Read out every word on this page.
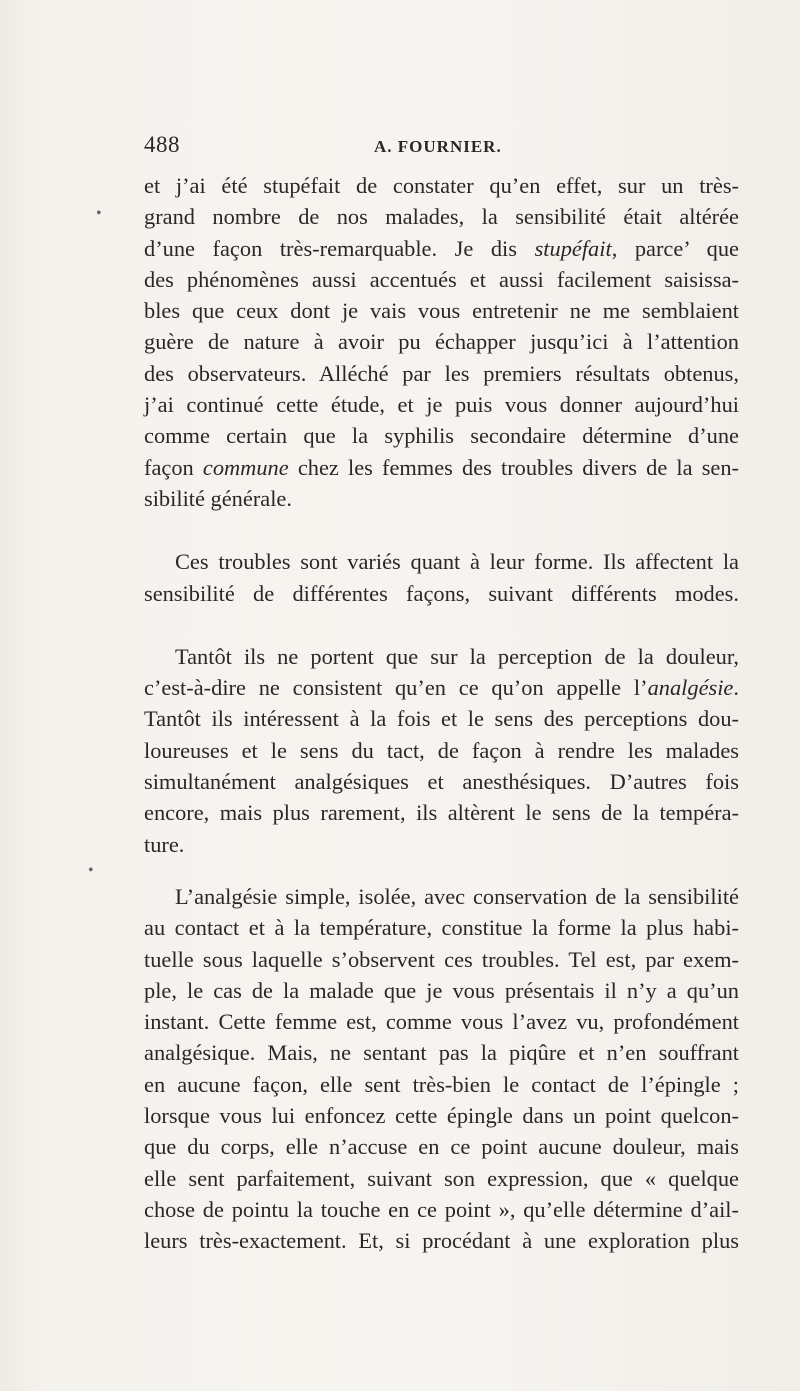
•
•
488	A. FOURNIER.
et j’ai été stupéfait de constater qu’en effet, sur un très-
grand nombre de nos malades, la sensibilité était altérée
d’une façon très-remarquable. Je dis stupéfait, parce’ que
des phénomènes aussi accentués et aussi facilement saisissa-
bles que ceux dont je vais vous entretenir ne me semblaient
guère de nature à avoir pu échapper jusqu’ici à l’attention
des observateurs. Alléché par les premiers résultats obtenus,
j’ai continué cette étude, et je puis vous donner aujourd’hui
comme certain que la syphilis secondaire détermine d’une
façon commune chez les femmes des troubles divers de la sen-
sibilité générale.
Ces troubles sont variés quant à leur forme. Ils affectent la
sensibilité de différentes façons, suivant différents modes.
Tantôt ils ne portent que sur la perception de la douleur,
c’est-à-dire ne consistent qu’en ce qu’on appelle l’analgésie.
Tantôt ils intéressent à la fois et le sens des perceptions dou-
loureuses et le sens du tact, de façon à rendre les malades
simultanément analgésiques et anesthésiques. D’autres fois
encore, mais plus rarement, ils altèrent le sens de la tempéra-
ture.
L’analgésie simple, isolée, avec conservation de la sensibilité
au contact et à la température, constitue la forme la plus habi-
tuelle sous laquelle s’observent ces troubles. Tel est, par exem-
ple, le cas de la malade que je vous présentais il n’y a qu’un
instant. Cette femme est, comme vous l’avez vu, profondément
analgésique. Mais, ne sentant pas la piqûre et n’en souffrant
en aucune façon, elle sent très-bien le contact de l’épingle ;
lorsque vous lui enfoncez cette épingle dans un point quelcon-
que du corps, elle n’accuse en ce point aucune douleur, mais
elle sent parfaitement, suivant son expression, que « quelque
chose de pointu la touche en ce point », qu’elle détermine d’ail-
leurs très-exactement. Et, si procédant à une exploration plus
